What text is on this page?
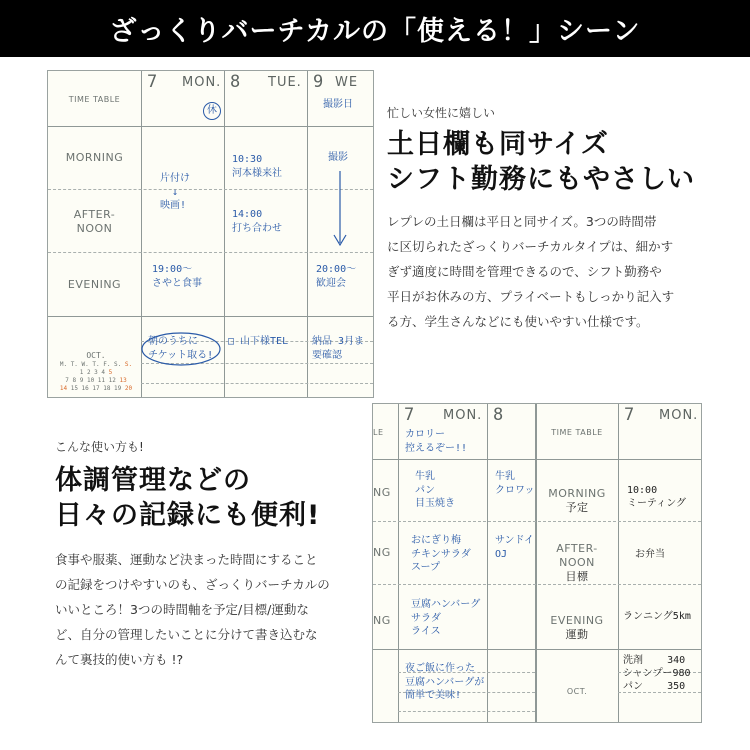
ざっくりバーチカルの「使える！」シーン
TIME TABLE
MORNING
AFTER-
NOON
EVENING
OCT.
M. T. W. T. F. S. S.
1 2 3 4 5
7 8 9 10 11 12 13
14 15 16 17 18 19 20
7 MON. 8 TUE. 9 WE
休
片付け
↓
映画!
10:30
河本様来社
14:00
打ち合わせ
撮影日
撮影
19:00〜
さやと食事
20:00〜
歓迎会
朝のうちに
チケット取る!
□ 山下様TEL 納品 3月ま
要確認
忙しい女性に嬉しい
土日欄も同サイズ
シフト勤務にもやさしい
レプレの土日欄は平日と同サイズ。3つの時間帯
に区切られたざっくりバーチカルタイプは、細かす
ぎず適度に時間を管理できるので、シフト勤務や
平日がお休みの方、プライベートもしっかり記入す
る方、学生さんなどにも使いやすい仕様です。
こんな使い方も!
体調管理などの
日々の記録にも便利!
食事や服薬、運動など決まった時間にすること
の記録をつけやすいのも、ざっくりバーチカルの
いいところ！3つの時間軸を予定/目標/運動な
ど、自分の管理したいことに分けて書き込むな
んて裏技的使い方も !?
LE
NG
NG
NG
TIME TABLE
MORNING
予定
AFTER-
NOON
目標
EVENING
運動
OCT.
7 MON. 8	7 MON.
カロリー
控えるぞー!!
牛乳
パン
目玉焼き
牛乳
クロワッ
おにぎり梅
チキンサラダ
スープ
サンドイ
OJ
豆腐ハンバーグ
サラダ
ライス
夜ご飯に作った
豆腐ハンバーグが
簡単で美味!
10:00
ミーティング
お弁当
ランニング5km
洗剤    340
シャンプー980
パン    350
